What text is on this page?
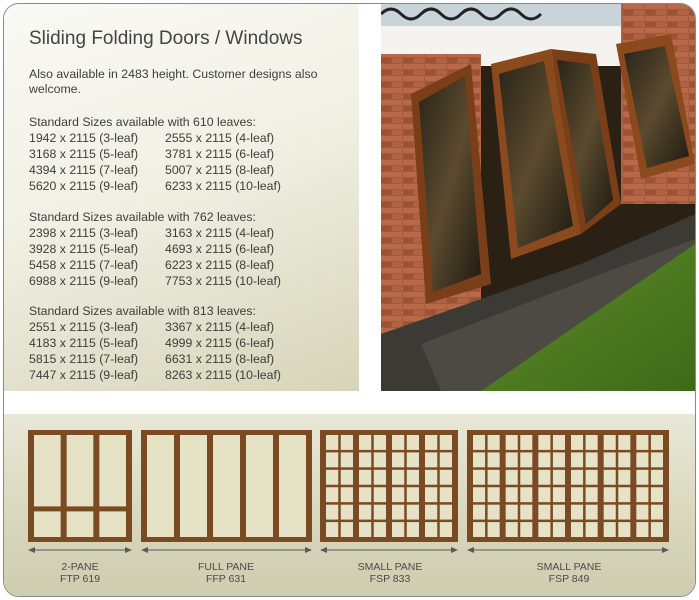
Sliding Folding Doors / Windows
Also available in 2483 height. Customer designs also welcome.
Standard Sizes available with 610 leaves:
1942 x 2115 (3-leaf)	2555 x 2115 (4-leaf)
3168 x 2115 (5-leaf)	3781 x 2115 (6-leaf)
4394 x 2115 (7-leaf)	5007 x 2115 (8-leaf)
5620 x 2115 (9-leaf)	6233 x 2115 (10-leaf)
Standard Sizes available with 762 leaves:
2398 x 2115 (3-leaf)	3163 x 2115 (4-leaf)
3928 x 2115 (5-leaf)	4693 x 2115 (6-leaf)
5458 x 2115 (7-leaf)	6223 x 2115 (8-leaf)
6988 x 2115 (9-leaf)	7753 x 2115 (10-leaf)
Standard Sizes available with 813 leaves:
2551 x 2115 (3-leaf)	3367 x 2115 (4-leaf)
4183 x 2115 (5-leaf)	4999 x 2115 (6-leaf)
5815 x 2115 (7-leaf)	6631 x 2115 (8-leaf)
7447 x 2115 (9-leaf)	8263 x 2115 (10-leaf)
2-PANE
FTP 619
FULL PANE
FFP 631
SMALL PANE
FSP 833
SMALL PANE
FSP 849
